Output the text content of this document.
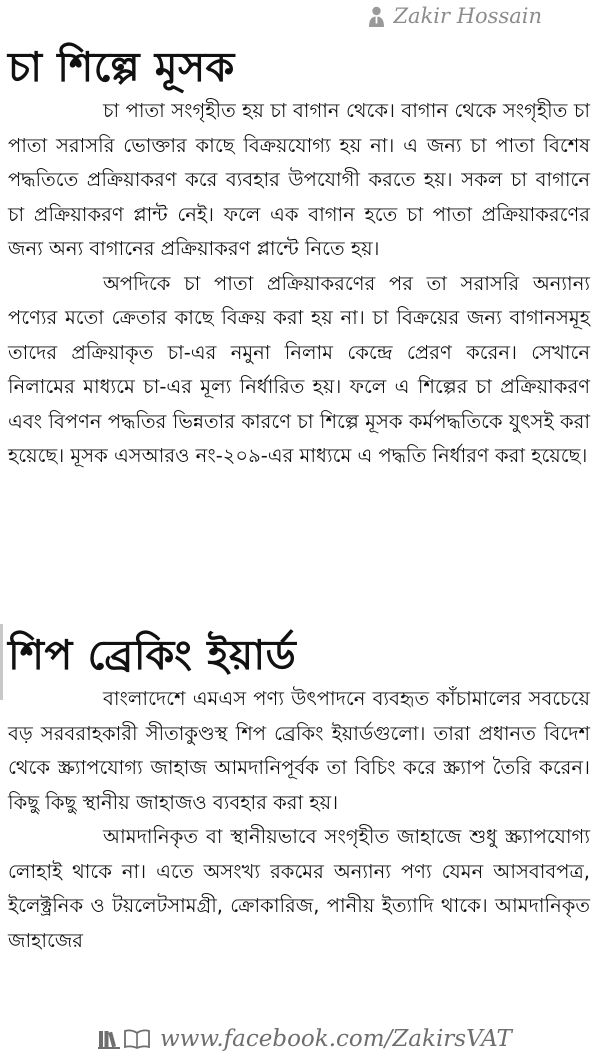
Zakir Hossain
চা শিল্পে মূসক

চা পাতা সংগৃহীত হয় চা বাগান থেকে। বাগান থেকে সংগৃহীত চা পাতা সরাসরি ভোক্তার কাছে বিক্রয়যোগ্য হয় না। এ জন্য চা পাতা বিশেষ পদ্ধতিতে প্রক্রিয়াকরণ করে ব্যবহার উপযোগী করতে হয়। সকল চা বাগানে চা প্রক্রিয়াকরণ প্লান্ট নেই। ফলে এক বাগান হতে চা পাতা প্রক্রিয়াকরণের জন্য অন্য বাগানের প্রক্রিয়াকরণ প্লান্টে নিতে হয়।

অপদিকে চা পাতা প্রক্রিয়াকরণের পর তা সরাসরি অন্যান্য পণ্যের মতো ক্রেতার কাছে বিক্রয় করা হয় না। চা বিক্রয়ের জন্য বাগানসমূহ তাদের প্রক্রিয়াকৃত চা-এর নমুনা নিলাম কেন্দ্রে প্রেরণ করেন। সেখানে নিলামের মাধ্যমে চা-এর মূল্য নির্ধারিত হয়। ফলে এ শিল্পের চা প্রক্রিয়াকরণ এবং বিপণন পদ্ধতির ভিন্নতার কারণে চা শিল্পে মূসক কর্মপদ্ধতিকে যুৎসই করা হয়েছে। মূসক এসআরও নং-২০৯-এর মাধ্যমে এ পদ্ধতি নির্ধারণ করা হয়েছে।

শিপ ব্রেকিং ইয়ার্ড

বাংলাদেশে এমএস পণ্য উৎপাদনে ব্যবহৃত কাঁচামালের সবচেয়ে বড় সরবরাহকারী সীতাকুণ্ডস্থ শিপ ব্রেকিং ইয়ার্ডগুলো। তারা প্রধানত বিদেশ থেকে স্ক্র্যাপযোগ্য জাহাজ আমদানিপূর্বক তা বিচিং করে স্ক্র্যাপ তৈরি করেন। কিছু কিছু স্থানীয় জাহাজও ব্যবহার করা হয়।

আমদানিকৃত বা স্থানীয়ভাবে সংগৃহীত জাহাজে শুধু স্ক্র্যাপযোগ্য লোহাই থাকে না। এতে অসংখ্য রকমের অন্যান্য পণ্য যেমন আসবাবপত্র, ইলেক্ট্রনিক ও টয়লেটসামগ্রী, ক্রোকারিজ, পানীয় ইত্যাদি থাকে। আমদানিকৃত জাহাজের

www.facebook.com/ZakirsVAT
